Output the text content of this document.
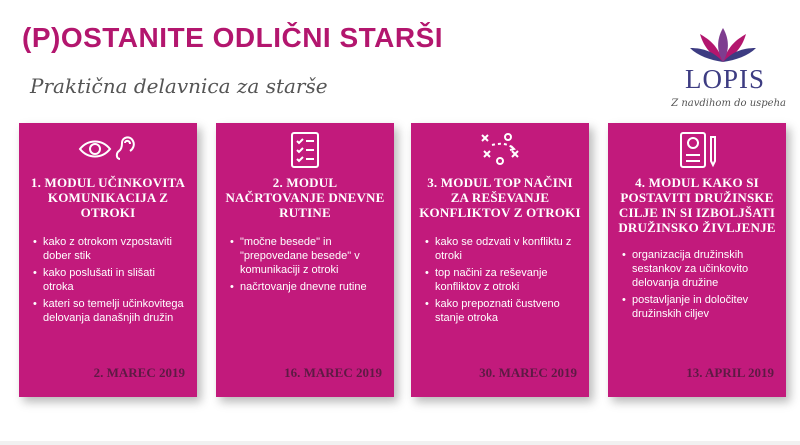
(P)OSTANITE ODLIČNI STARŠI
Praktična delavnica za starše	LOPIS
Z navdihom do uspeha
1. MODUL UČINKOVITA KOMUNIKACIJA Z OTROKI
• kako z otrokom vzpostaviti dober stik
• kako poslušati in slišati otroka
• kateri so temelji učinkovitega delovanja današnjih družin
2. MAREC 2019
2. MODUL NAČRTOVANJE DNEVNE RUTINE
• "močne besede" in "prepovedane besede" v komunikaciji z otroki
• načrtovanje dnevne rutine
16. MAREC 2019
3. MODUL TOP NAČINI ZA REŠEVANJE KONFLIKTOV Z OTROKI
• kako se odzvati v konfliktu z otroki
• top načini za reševanje konfliktov z otroki
• kako prepoznati čustveno stanje otroka
30. MAREC 2019
4. MODUL KAKO SI POSTAVITI DRUŽINSKE CILJE IN SI IZBOLJŠATI DRUŽINSKO ŽIVLJENJE
• organizacija družinskih sestankov za učinkovito delovanja družine
• postavljanje in določitev družinskih ciljev
13. APRIL 2019
